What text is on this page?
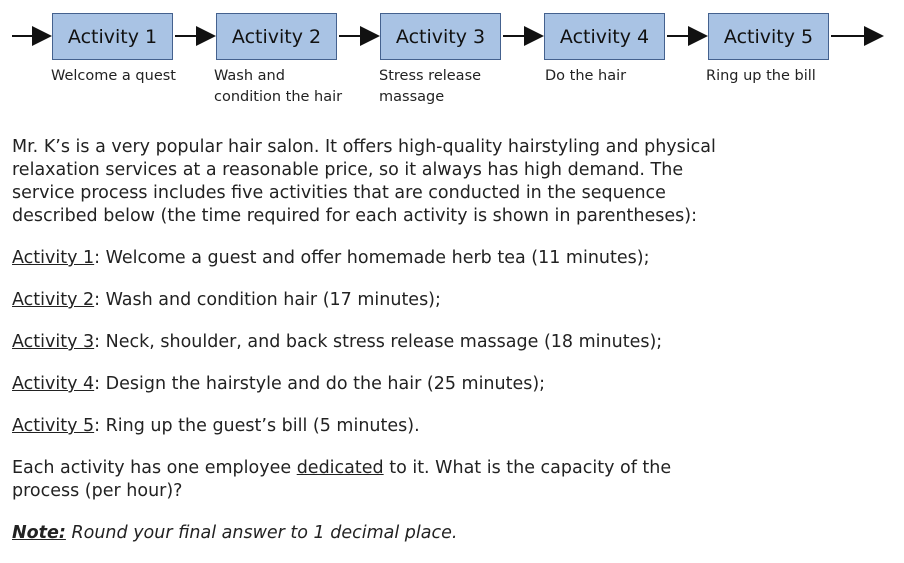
Activity 1	Activity 2	Activity 3	Activity 4	Activity 5
Welcome a quest	Wash and condition the hair
Stress release massage
Do the hair	Ring up the bill

Mr. K’s is a very popular hair salon. It offers high-quality hairstyling and physical relaxation services at a reasonable price, so it always has high demand. The service process includes five activities that are conducted in the sequence described below (the time required for each activity is shown in parentheses):

Activity 1: Welcome a guest and offer homemade herb tea (11 minutes);
Activity 2: Wash and condition hair (17 minutes);
Activity 3: Neck, shoulder, and back stress release massage (18 minutes);
Activity 4: Design the hairstyle and do the hair (25 minutes);
Activity 5: Ring up the guest’s bill (5 minutes).
Each activity has one employee dedicated to it. What is the capacity of the process (per hour)?
Note: Round your final answer to 1 decimal place.
